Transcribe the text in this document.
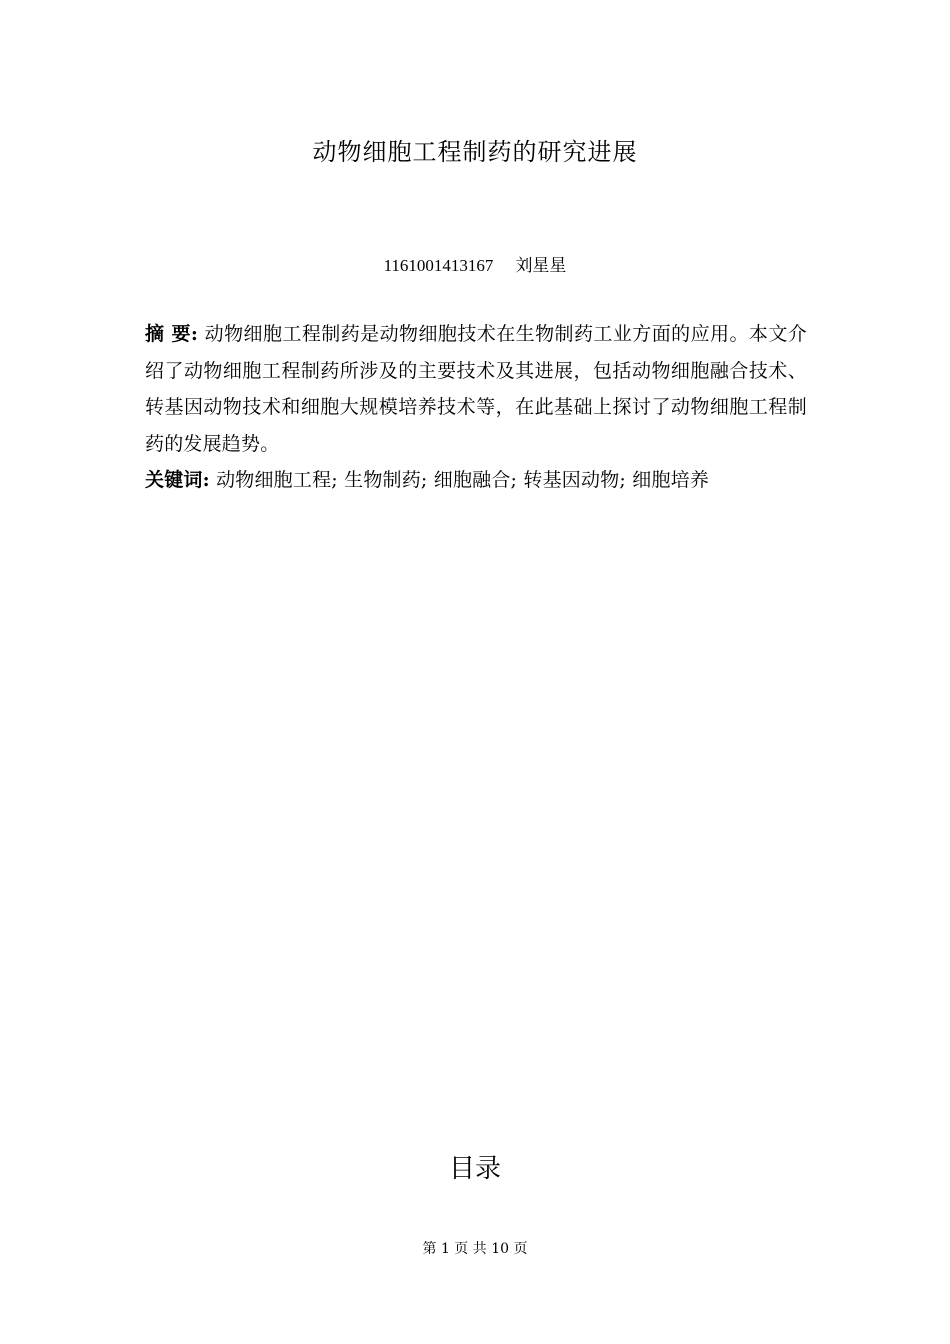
动物细胞工程制药的研究进展
1161001413167 刘星星
摘 要: 动物细胞工程制药是动物细胞技术在生物制药工业方面的应用。本文介绍了动物细胞工程制药所涉及的主要技术及其进展，包括动物细胞融合技术、转基因动物技术和细胞大规模培养技术等，在此基础上探讨了动物细胞工程制药的发展趋势。
关键词: 动物细胞工程; 生物制药; 细胞融合; 转基因动物; 细胞培养
目录
第 1 页 共 10 页
